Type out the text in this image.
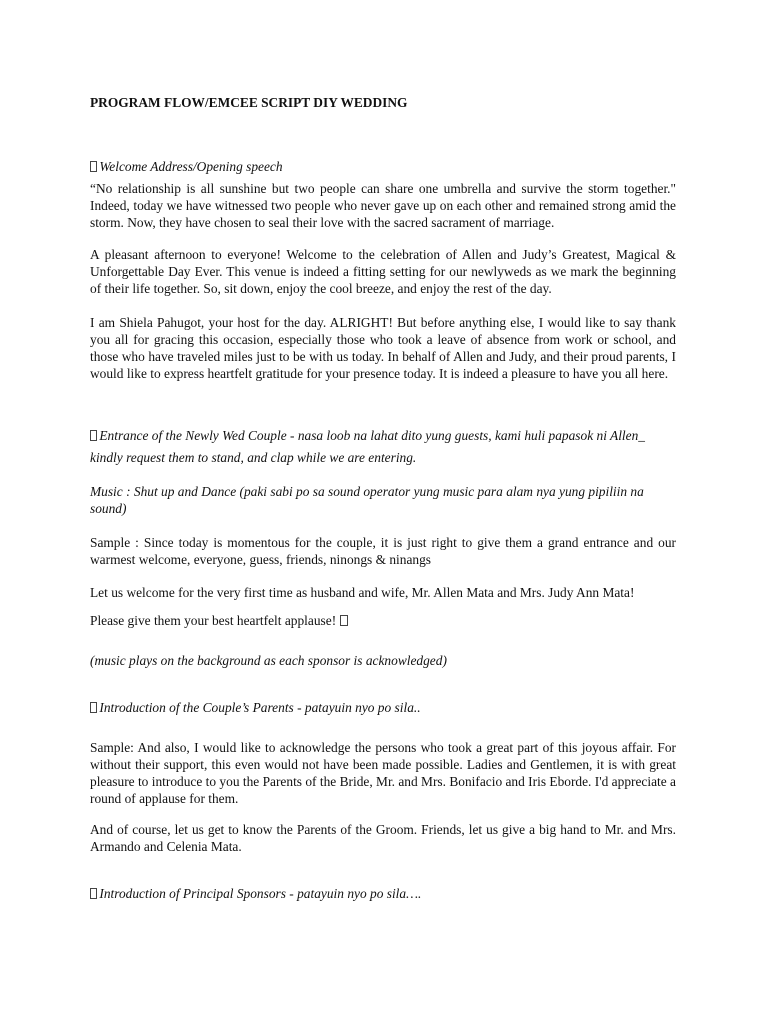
PROGRAM FLOW/EMCEE SCRIPT DIY WEDDING
Welcome Address/Opening speech

“No relationship is all sunshine but two people can share one umbrella and survive the storm together." Indeed, today we have witnessed two people who never gave up on each other and remained strong amid the storm. Now, they have chosen to seal their love with the sacred sacrament of marriage.

A pleasant afternoon to everyone! Welcome to the celebration of Allen and Judy’s Greatest, Magical & Unforgettable Day Ever. This venue is indeed a fitting setting for our newlyweds as we mark the beginning of their life together. So, sit down, enjoy the cool breeze, and enjoy the rest of the day.

I am Shiela Pahugot, your host for the day. ALRIGHT! But before anything else, I would like to say thank you all for gracing this occasion, especially those who took a leave of absence from work or school, and those who have traveled miles just to be with us today. In behalf of Allen and Judy, and their proud parents, I would like to express heartfelt gratitude for your presence today. It is indeed a pleasure to have you all here.

Entrance of the Newly Wed Couple - nasa loob na lahat dito yung guests, kami huli papasok ni Allen_
kindly request them to stand, and clap while we are entering.

Music : Shut up and Dance (paki sabi po sa sound operator yung music para alam nya yung pipiliin na sound)

Sample : Since today is momentous for the couple, it is just right to give them a grand entrance and our warmest welcome, everyone, guess, friends, ninongs & ninangs

Let us welcome for the very first time as husband and wife, Mr. Allen Mata and Mrs. Judy Ann Mata!

Please give them your best heartfelt applause!

(music plays on the background as each sponsor is acknowledged)

Introduction of the Couple’s Parents - patayuin nyo po sila..

Sample: And also, I would like to acknowledge the persons who took a great part of this joyous affair. For without their support, this even would not have been made possible. Ladies and Gentlemen, it is with great pleasure to introduce to you the Parents of the Bride, Mr. and Mrs. Bonifacio and Iris Eborde. I'd appreciate a round of applause for them.

And of course, let us get to know the Parents of the Groom. Friends, let us give a big hand to Mr. and Mrs. Armando and Celenia Mata.

Introduction of Principal Sponsors - patayuin nyo po sila….
